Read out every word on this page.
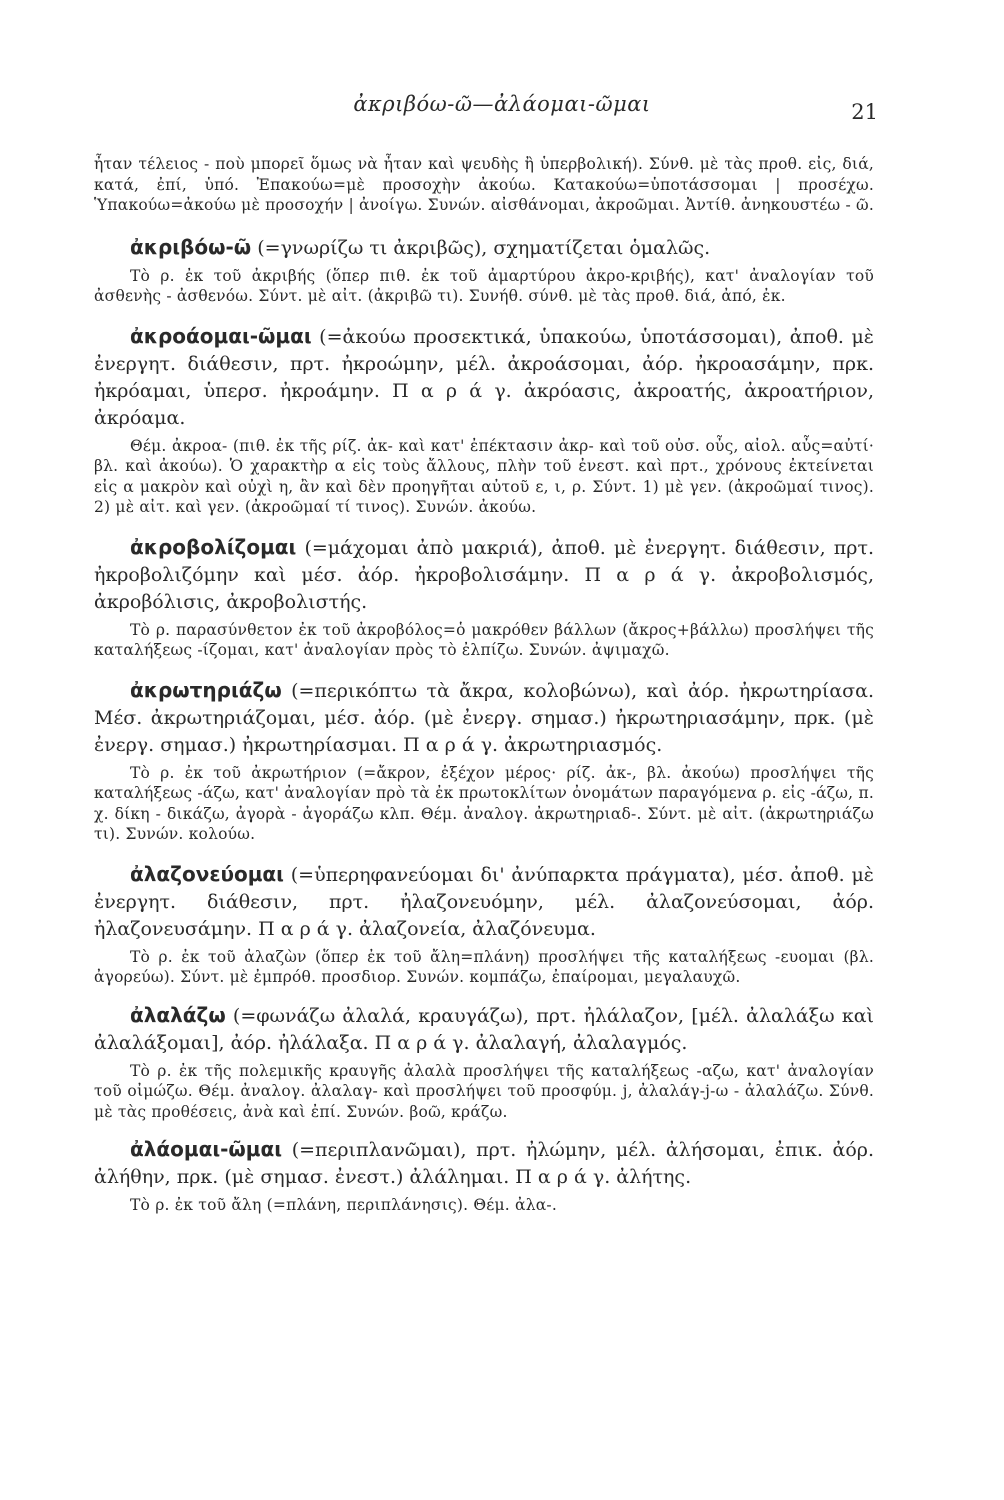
ἀκριβόω-ῶ—ἀλάομαι-ῶμαι	21

ἦταν τέλειος - ποὺ μπορεῖ ὅμως νὰ ἦταν καὶ ψευδὴς ἢ ὑπερβολική). Σύνθ. μὲ τὰς προθ. εἰς, διά, κατά, ἐπί, ὑπό. Ἐπακούω=μὲ προσοχὴν ἀκούω. Κατακούω=ὑποτάσσομαι | προσέχω. Ὑπακούω=ἀκούω μὲ προσοχήν | ἀνοίγω. Συνών. αἰσθάνομαι, ἀκροῶμαι. Ἀντίθ. ἀνηκουστέω - ῶ.

ἀκριβόω-ῶ (=γνωρίζω τι ἀκριβῶς), σχηματίζεται ὁμαλῶς.

Τὸ ρ. ἐκ τοῦ ἀκριβής (ὅπερ πιθ. ἐκ τοῦ ἀμαρτύρου ἀκρο-κριβής), κατ' ἀναλογίαν τοῦ ἀσθενὴς - ἀσθενόω. Σύντ. μὲ αἰτ. (ἀκριβῶ τι). Συνήθ. σύνθ. μὲ τὰς προθ. διά, ἀπό, ἐκ.

ἀκροάομαι-ῶμαι (=ἀκούω προσεκτικά, ὑπακούω, ὑποτάσσομαι), ἀποθ. μὲ ἐνεργητ. διάθεσιν, πρτ. ἠκροώμην, μέλ. ἀκροάσομαι, ἀόρ. ἠκροασάμην, πρκ. ἠκρόαμαι, ὑπερσ. ἠκροάμην. Π α ρ ά γ. ἀκρόασις, ἀκροατής, ἀκροατήριον, ἀκρόαμα.

Θέμ. ἀκροα- (πιθ. ἐκ τῆς ρίζ. ἀκ- καὶ κατ' ἐπέκτασιν ἀκρ- καὶ τοῦ οὐσ. οὖς, αἰολ. αὖς=αὐτί· βλ. καὶ ἀκούω). Ὁ χαρακτὴρ α εἰς τοὺς ἄλλους, πλὴν τοῦ ἐνεστ. καὶ πρτ., χρόνους ἐκτείνεται εἰς α μακρὸν καὶ οὐχὶ η, ἂν καὶ δὲν προηγῆται αὐτοῦ ε, ι, ρ. Σύντ. 1) μὲ γεν. (ἀκροῶμαί τινος). 2) μὲ αἰτ. καὶ γεν. (ἀκροῶμαί τί τινος). Συνών. ἀκούω.

ἀκροβολίζομαι (=μάχομαι ἀπὸ μακριά), ἀποθ. μὲ ἐνεργητ. διάθεσιν, πρτ. ἠκροβολιζόμην καὶ μέσ. ἀόρ. ἠκροβολισάμην. Π α ρ ά γ. ἀκροβολισμός, ἀκροβόλισις, ἀκροβολιστής.

Τὸ ρ. παρασύνθετον ἐκ τοῦ ἀκροβόλος=ὁ μακρόθεν βάλλων (ἄκρος+βάλλω) προσλήψει τῆς καταλήξεως -ίζομαι, κατ' ἀναλογίαν πρὸς τὸ ἐλπίζω. Συνών. ἀψιμαχῶ.

ἀκρωτηριάζω (=περικόπτω τὰ ἄκρα, κολοβώνω), καὶ ἀόρ. ἠκρωτηρίασα. Μέσ. ἀκρωτηριάζομαι, μέσ. ἀόρ. (μὲ ἐνεργ. σημασ.) ἠκρωτηριασάμην, πρκ. (μὲ ἐνεργ. σημασ.) ἠκρωτηρίασμαι. Π α ρ ά γ. ἀκρωτηριασμός.

Τὸ ρ. ἐκ τοῦ ἀκρωτήριον (=ἄκρον, ἐξέχον μέρος· ρίζ. ἀκ-, βλ. ἀκούω) προσλήψει τῆς καταλήξεως -άζω, κατ' ἀναλογίαν πρὸ τὰ ἐκ πρωτοκλίτων ὀνομάτων παραγόμενα ρ. εἰς -άζω, π. χ. δίκη - δικάζω, ἀγορὰ - ἀγοράζω κλπ. Θέμ. ἀναλογ. ἀκρωτηριαδ-. Σύντ. μὲ αἰτ. (ἀκρωτηριάζω τι). Συνών. κολούω.

ἀλαζονεύομαι (=ὑπερηφανεύομαι δι' ἀνύπαρκτα πράγματα), μέσ. ἀποθ. μὲ ἐνεργητ. διάθεσιν, πρτ. ἠλαζονευόμην, μέλ. ἀλαζονεύσομαι, ἀόρ. ἠλαζονευσάμην. Π α ρ ά γ. ἀλαζονεία, ἀλαζόνευμα.

Τὸ ρ. ἐκ τοῦ ἀλαζὼν (ὅπερ ἐκ τοῦ ἄλη=πλάνη) προσλήψει τῆς καταλήξεως -ευομαι (βλ. ἀγορεύω). Σύντ. μὲ ἐμπρόθ. προσδιορ. Συνών. κομπάζω, ἐπαίρομαι, μεγαλαυχῶ.

ἀλαλάζω (=φωνάζω ἀλαλά, κραυγάζω), πρτ. ἠλάλαζον, [μέλ. ἀλαλάξω καὶ ἀλαλάξομαι], ἀόρ. ἠλάλαξα. Π α ρ ά γ. ἀλαλαγή, ἀλαλαγμός.

Τὸ ρ. ἐκ τῆς πολεμικῆς κραυγῆς ἀλαλὰ προσλήψει τῆς καταλήξεως -αζω, κατ' ἀναλογίαν τοῦ οἰμώζω. Θέμ. ἀναλογ. ἀλαλαγ- καὶ προσλήψει τοῦ προσφύμ. j, ἀλαλάγ-j-ω - ἀλαλάζω. Σύνθ. μὲ τὰς προθέσεις, ἀνὰ καὶ ἐπί. Συνών. βοῶ, κράζω.

ἀλάομαι-ῶμαι (=περιπλανῶμαι), πρτ. ἠλώμην, μέλ. ἀλήσομαι, ἐπικ. ἀόρ. ἀλήθην, πρκ. (μὲ σημασ. ἐνεστ.) ἀλάλημαι. Π α ρ ά γ. ἀλήτης.

Τὸ ρ. ἐκ τοῦ ἄλη (=πλάνη, περιπλάνησις). Θέμ. ἀλα-.
